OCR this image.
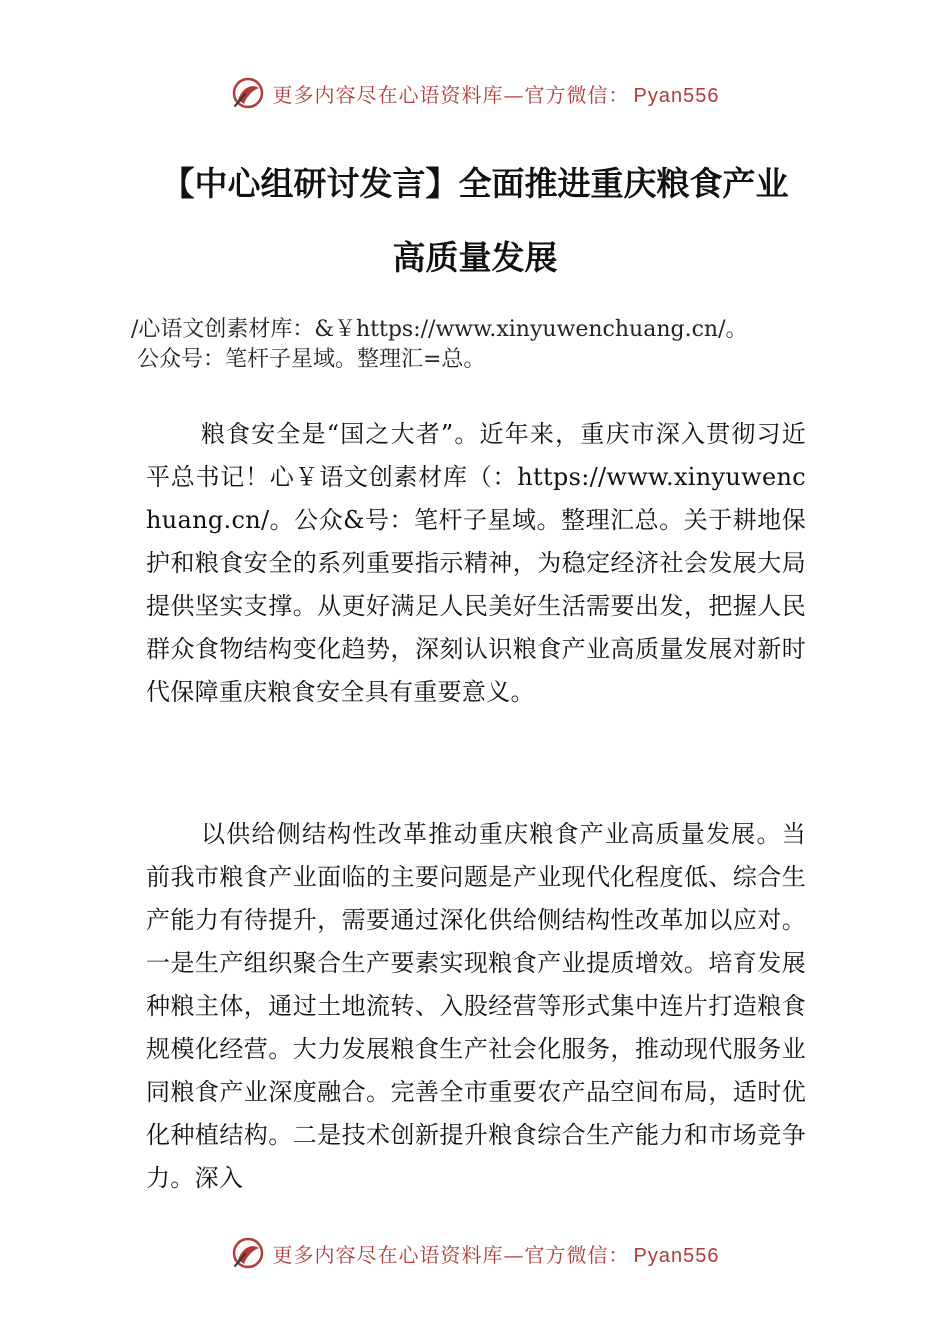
更多内容尽在心语资料库—官方微信： Pyan556
【中心组研讨发言】全面推进重庆粮食产业
高质量发展
/心语文创素材库：&￥https://www.xinyuwenchuang.cn/。
公众号：笔杆子星域。整理汇=总。
粮食安全是“国之大者”。近年来，重庆市深入贯彻习近平总书记！心￥语文创素材库（：https://www.xinyuwenchuang.cn/。公众&号：笔杆子星域。整理汇总。关于耕地保护和粮食安全的系列重要指示精神，为稳定经济社会发展大局提供坚实支撑。从更好满足人民美好生活需要出发，把握人民群众食物结构变化趋势，深刻认识粮食产业高质量发展对新时代保障重庆粮食安全具有重要意义。
以供给侧结构性改革推动重庆粮食产业高质量发展。当前我市粮食产业面临的主要问题是产业现代化程度低、综合生产能力有待提升，需要通过深化供给侧结构性改革加以应对。一是生产组织聚合生产要素实现粮食产业提质增效。培育发展种粮主体，通过土地流转、入股经营等形式集中连片打造粮食规模化经营。大力发展粮食生产社会化服务，推动现代服务业同粮食产业深度融合。完善全市重要农产品空间布局，适时优化种植结构。二是技术创新提升粮食综合生产能力和市场竞争力。深入
更多内容尽在心语资料库—官方微信： Pyan556
